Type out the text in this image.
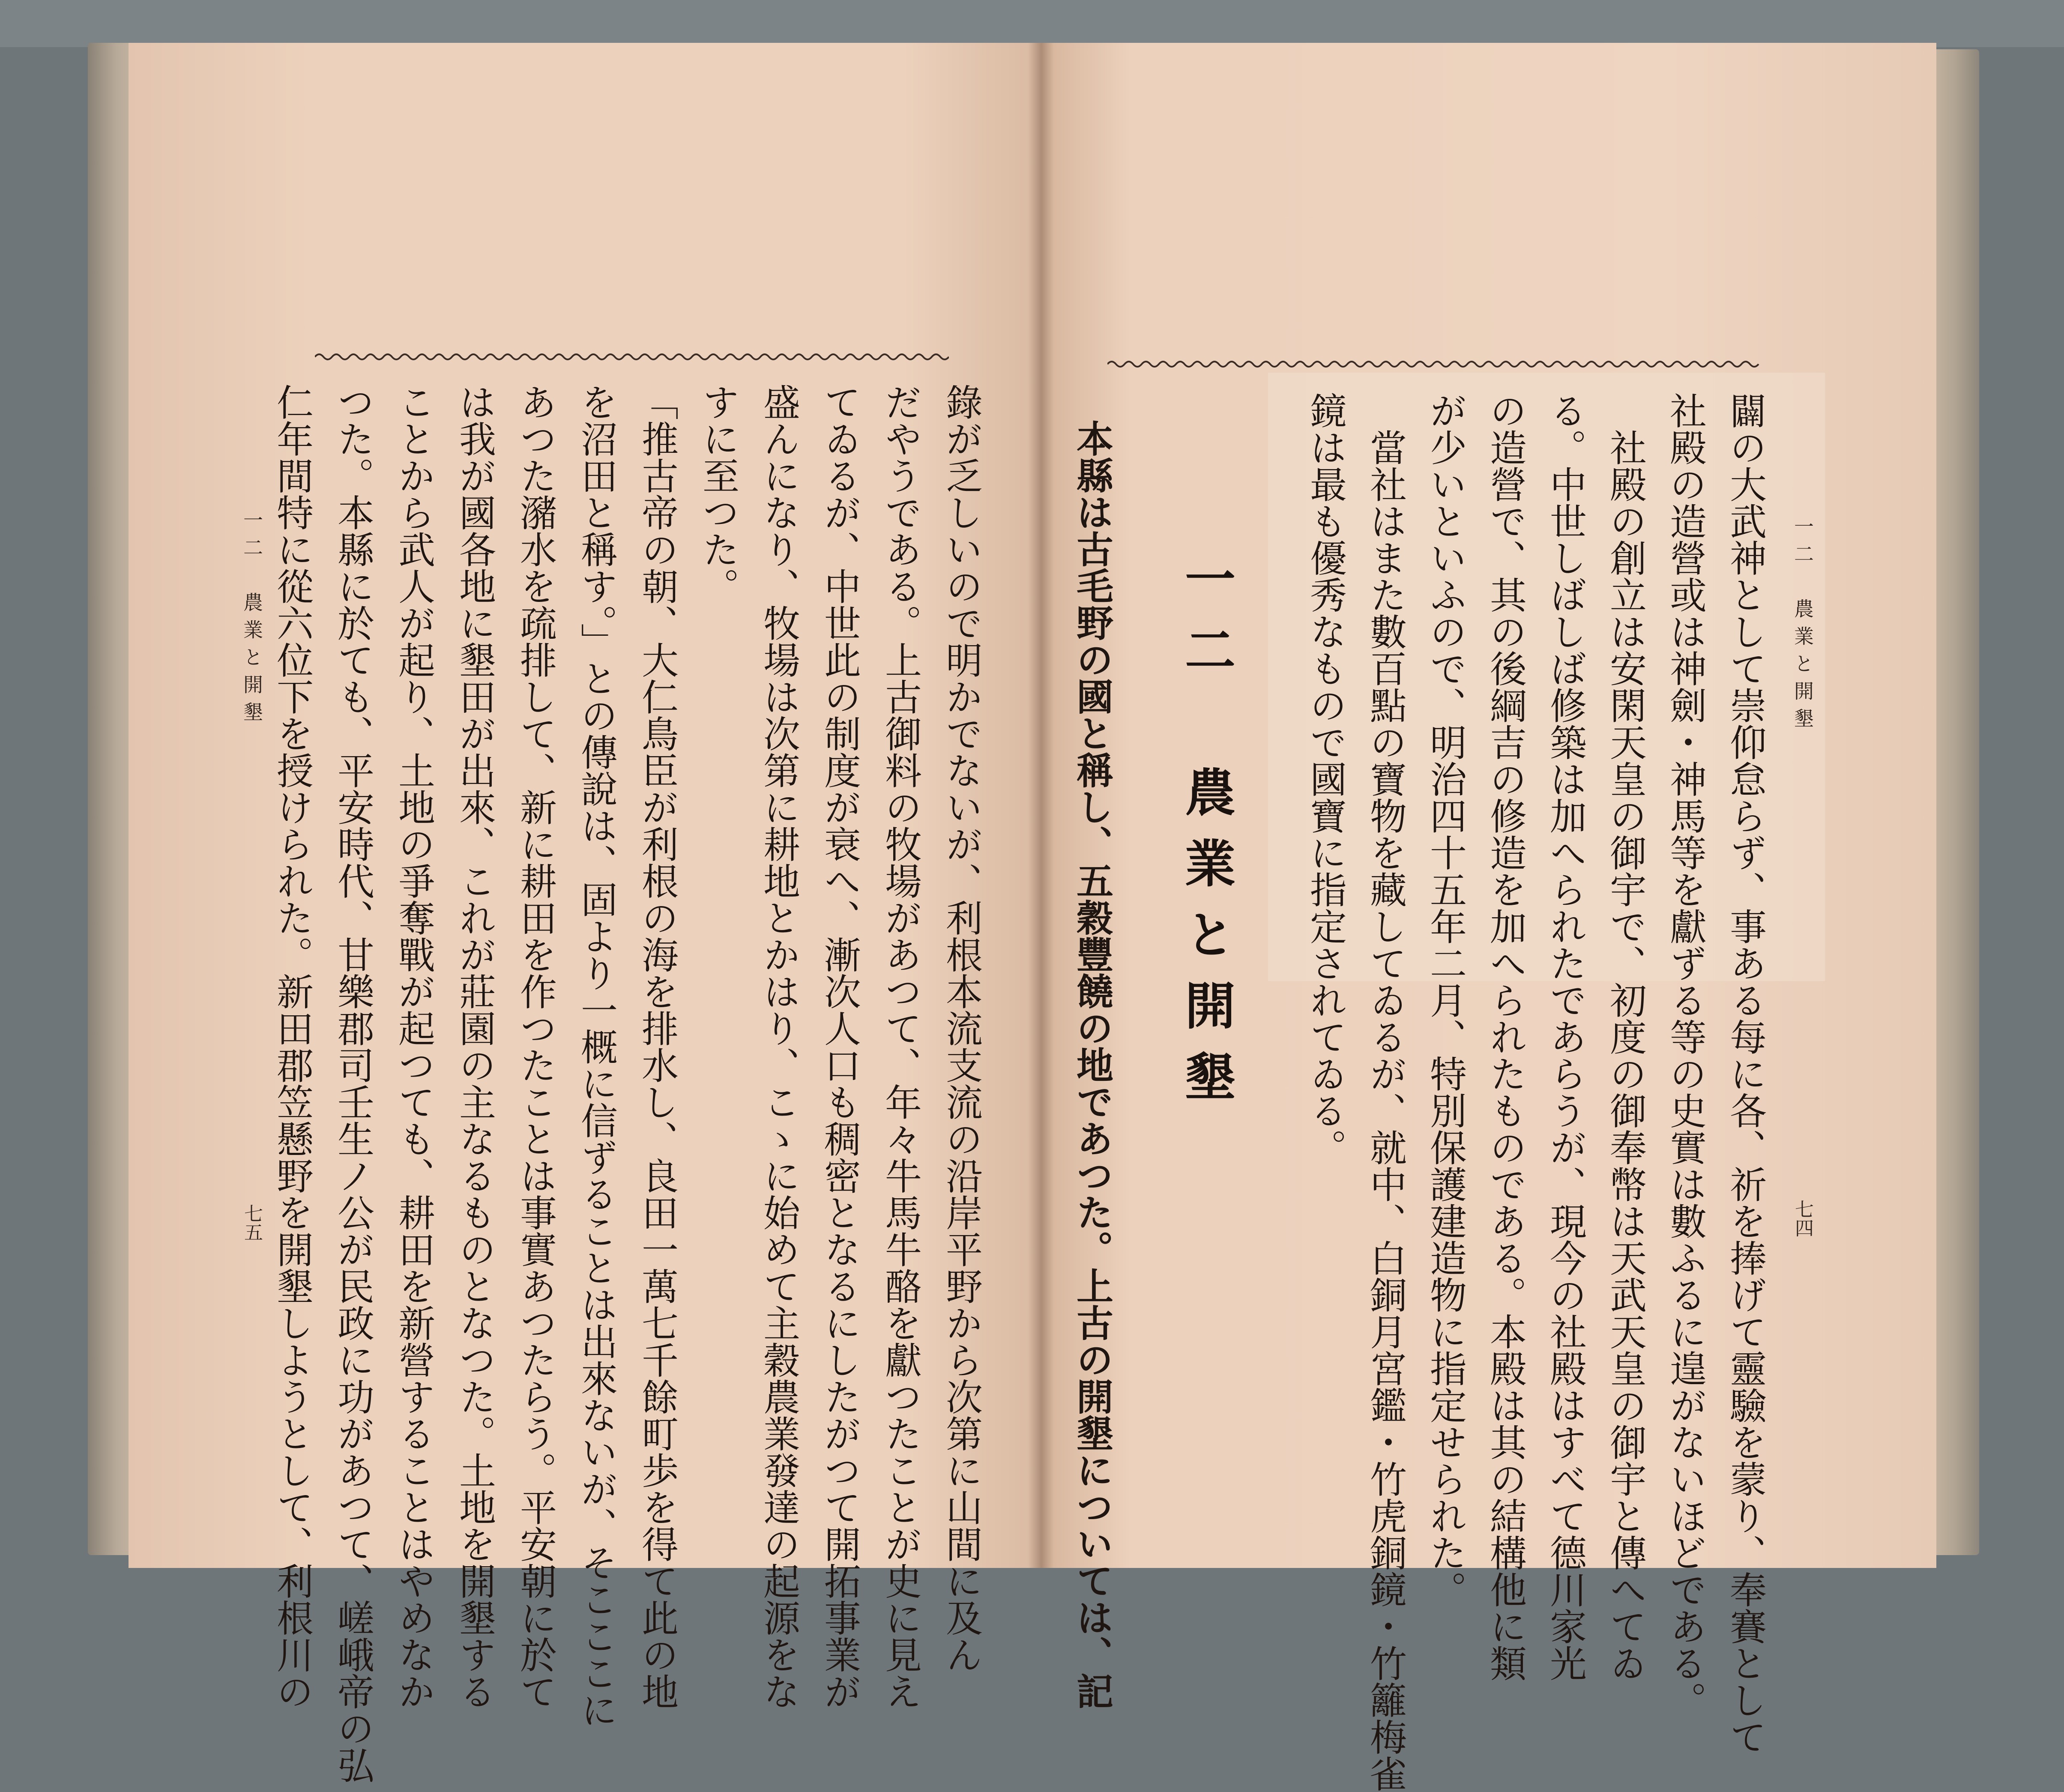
錄が乏しいので明かでないが、利根本流支流の沿岸平野から次第に山間に及ん
だやうである。上古御料の牧場があつて、年々牛馬牛酪を獻つたことが史に見え
てゐるが、中世此の制度が衰へ、漸次人口も稠密となるにしたがつて開拓事業が
盛んになり、牧場は次第に耕地とかはり、こゝに始めて主穀農業發達の起源をな
すに至つた。
「推古帝の朝、大仁鳥臣が利根の海を排水し、良田一萬七千餘町歩を得て此の地
を沼田と稱す。」との傳說は、固より一概に信ずることは出來ないが、そこここに
あつた瀦水を疏排して、新に耕田を作つたことは事實あつたらう。平安朝に於て
は我が國各地に墾田が出來、これが莊園の主なるものとなつた。土地を開墾する
ことから武人が起り、土地の爭奪戰が起つても、耕田を新營することはやめなか
つた。本縣に於ても、平安時代、甘樂郡司壬生ノ公が民政に功があつて、嵯峨帝の弘
仁年間特に從六位下を授けられた。新田郡笠懸野を開墾しようとして、利根川の
一二　農業と開墾
七五
一二　農業と開墾
七四
闢の大武神として崇仰怠らず、事ある每に各、祈を捧げて靈驗を蒙り、奉賽として
社殿の造營或は神劍・神馬等を獻ずる等の史實は數ふるに遑がないほどである。
　社殿の創立は安閑天皇の御宇で、初度の御奉幣は天武天皇の御宇と傳へてゐ
る。中世しばしば修築は加へられたであらうが、現今の社殿はすべて德川家光
の造營で、其の後綱吉の修造を加へられたものである。本殿は其の結構他に類
が少いといふので、明治四十五年二月、特別保護建造物に指定せられた。
　當社はまた數百點の寶物を藏してゐるが、就中、白銅月宮鑑・竹虎銅鏡・竹籬梅雀
鏡は最も優秀なもので國寶に指定されてゐる。
一二　農業と開墾
本縣は古毛野の國と稱し、五穀豐饒の地であつた。上古の開墾については、記
